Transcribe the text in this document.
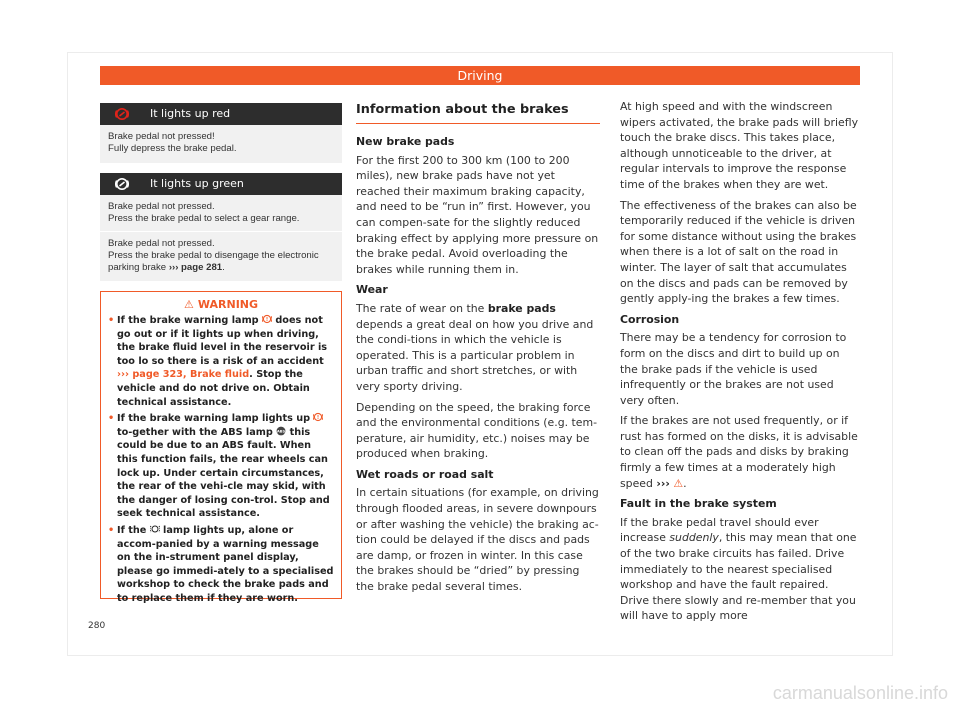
Driving
It lights up red
Brake pedal not pressed!
Fully depress the brake pedal.
It lights up green
Brake pedal not pressed.
Press the brake pedal to select a gear range.
Brake pedal not pressed.
Press the brake pedal to disengage the electronic
parking brake ››› page 281.
⚠ WARNING
• If the brake warning lamp ! does not go out or if it lights up when driving, the brake fluid level in the reservoir is too lo so there is a risk of an accident ››› page 323, Brake fluid. Stop the vehicle and do not drive on. Obtain technical assistance.
• If the brake warning lamp lights up !
to-gether with the ABS lamp ABS this could be due to an ABS fault. When this function fails, the rear wheels can lock up. Under certain circumstances, the rear of the vehi-cle may skid, with the danger of losing con-trol. Stop and seek technical assistance.
• If the  lamp lights up, alone or accom-panied by a warning message on the in-strument panel display, please go immedi-ately to a specialised workshop to check the brake pads and to replace them if they are worn.
Information about the brakes
New brake pads

For the first 200 to 300 km (100 to 200 miles), new brake pads have not yet reached their maximum braking capacity, and need to be “run in” first. However, you can compen-sate for the slightly reduced braking effect by applying more pressure on the brake pedal. Avoid overloading the brakes while running them in.

Wear

The rate of wear on the brake pads depends a great deal on how you drive and the condi-tions in which the vehicle is operated. This is a particular problem in urban traffic and short stretches, or with very sporty driving.

Depending on the speed, the braking force and the environmental conditions (e.g. tem-perature, air humidity, etc.) noises may be produced when braking.

Wet roads or road salt

In certain situations (for example, on driving through flooded areas, in severe downpours or after washing the vehicle) the braking ac-tion could be delayed if the discs and pads are damp, or frozen in winter. In this case the brakes should be “dried” by pressing the brake pedal several times.

At high speed and with the windscreen wipers activated, the brake pads will briefly touch the brake discs. This takes place, although unnoticeable to the driver, at regular intervals to improve the response time of the brakes when they are wet.

The effectiveness of the brakes can also be temporarily reduced if the vehicle is driven for some distance without using the brakes when there is a lot of salt on the road in winter. The layer of salt that accumulates on the discs and pads can be removed by gently apply-ing the brakes a few times.

Corrosion

There may be a tendency for corrosion to form on the discs and dirt to build up on the brake pads if the vehicle is used infrequently or the brakes are not used very often.

If the brakes are not used frequently, or if rust has formed on the disks, it is advisable to clean off the pads and disks by braking firmly a few times at a moderately high speed ››› ⚠.

Fault in the brake system

If the brake pedal travel should ever increase suddenly, this may mean that one of the two brake circuits has failed. Drive immediately to the nearest specialised workshop and have the fault repaired. Drive there slowly and re-member that you will have to apply more

280
carmanualsonline.info
